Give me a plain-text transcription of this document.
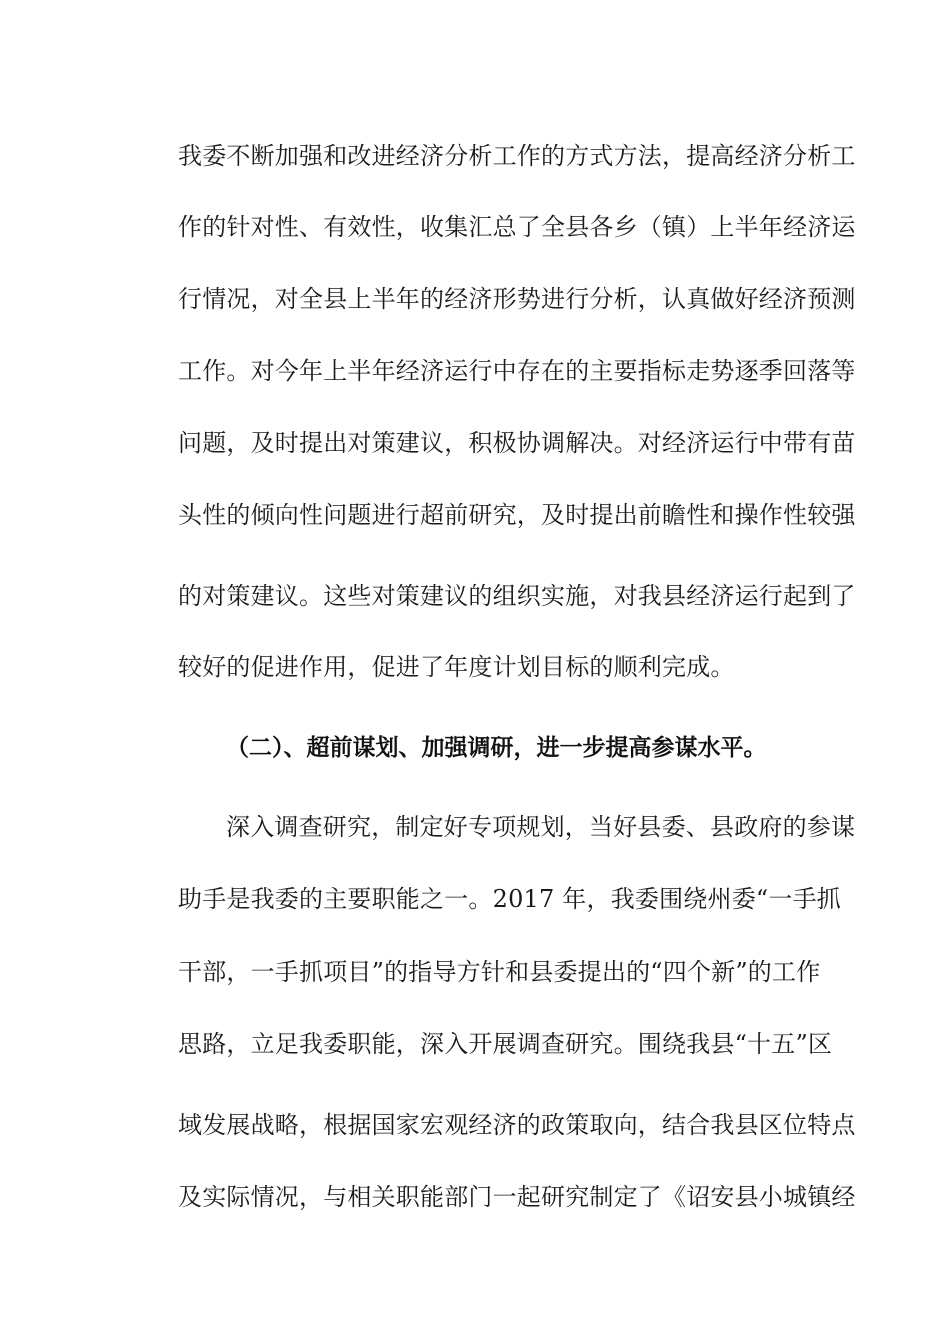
我委不断加强和改进经济分析工作的方式方法，提高经济分析工
作的针对性、有效性，收集汇总了全县各乡（镇）上半年经济运
行情况，对全县上半年的经济形势进行分析，认真做好经济预测
工作。对今年上半年经济运行中存在的主要指标走势逐季回落等
问题，及时提出对策建议，积极协调解决。对经济运行中带有苗
头性的倾向性问题进行超前研究，及时提出前瞻性和操作性较强
的对策建议。这些对策建议的组织实施，对我县经济运行起到了
较好的促进作用，促进了年度计划目标的顺利完成。
（二）、超前谋划、加强调研，进一步提高参谋水平。
深入调查研究，制定好专项规划，当好县委、县政府的参谋
助手是我委的主要职能之一。2017 年，我委围绕州委“一手抓
干部，一手抓项目”的指导方针和县委提出的“四个新”的工作
思路，立足我委职能，深入开展调查研究。围绕我县“十五”区
域发展战略，根据国家宏观经济的政策取向，结合我县区位特点
及实际情况，与相关职能部门一起研究制定了《诏安县小城镇经
